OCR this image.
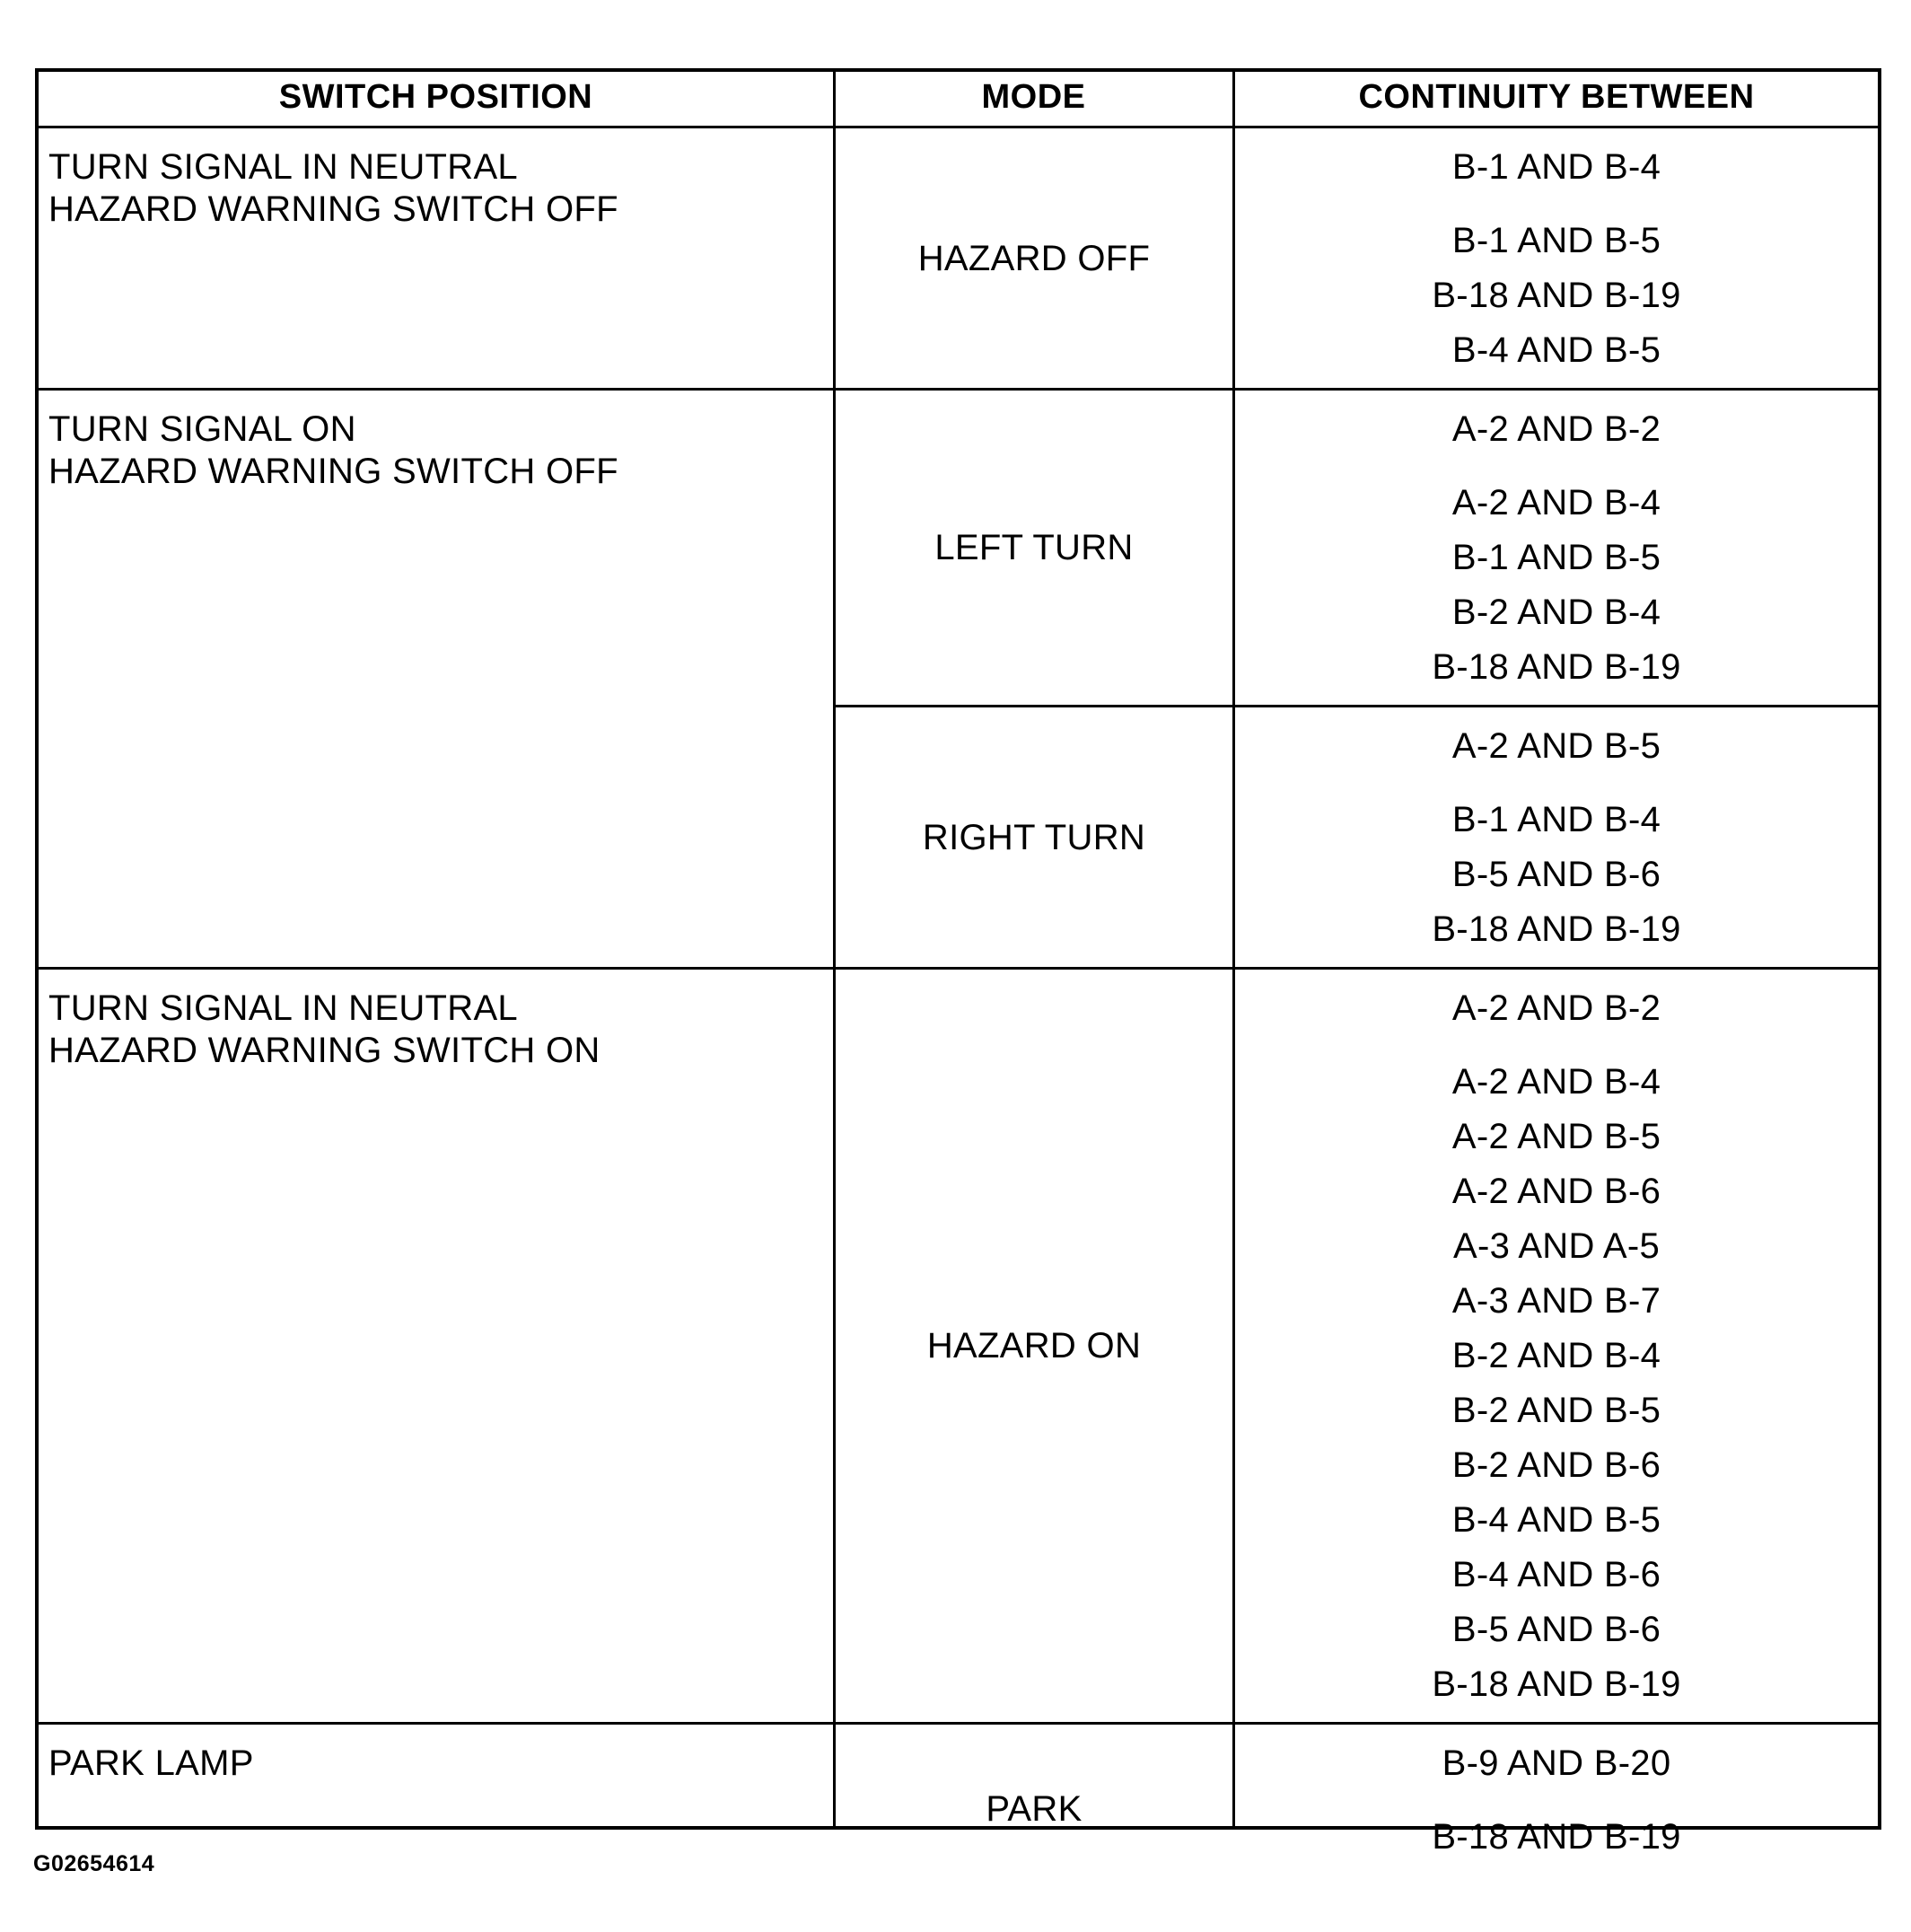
SWITCH POSITION	MODE	CONTINUITY BETWEEN
G02654614
B-1 AND B-4
B-1 AND B-5
B-18 AND B-19
B-4 AND B-5
HAZARD OFF
TURN SIGNAL IN NEUTRAL
HAZARD WARNING SWITCH OFF
A-2 AND B-2
A-2 AND B-4
B-1 AND B-5
B-2 AND B-4
B-18 AND B-19
LEFT TURN
A-2 AND B-5
B-1 AND B-4
B-5 AND B-6
B-18 AND B-19
RIGHT TURN
TURN SIGNAL ON
HAZARD WARNING SWITCH OFF
A-2 AND B-2
A-2 AND B-4
A-2 AND B-5
A-2 AND B-6
A-3 AND A-5
A-3 AND B-7
B-2 AND B-4
B-2 AND B-5
B-2 AND B-6
B-4 AND B-5
B-4 AND B-6
B-5 AND B-6
B-18 AND B-19
HAZARD ON
TURN SIGNAL IN NEUTRAL
HAZARD WARNING SWITCH ON
B-9 AND B-20
B-18 AND B-19
PARK
PARK LAMP
